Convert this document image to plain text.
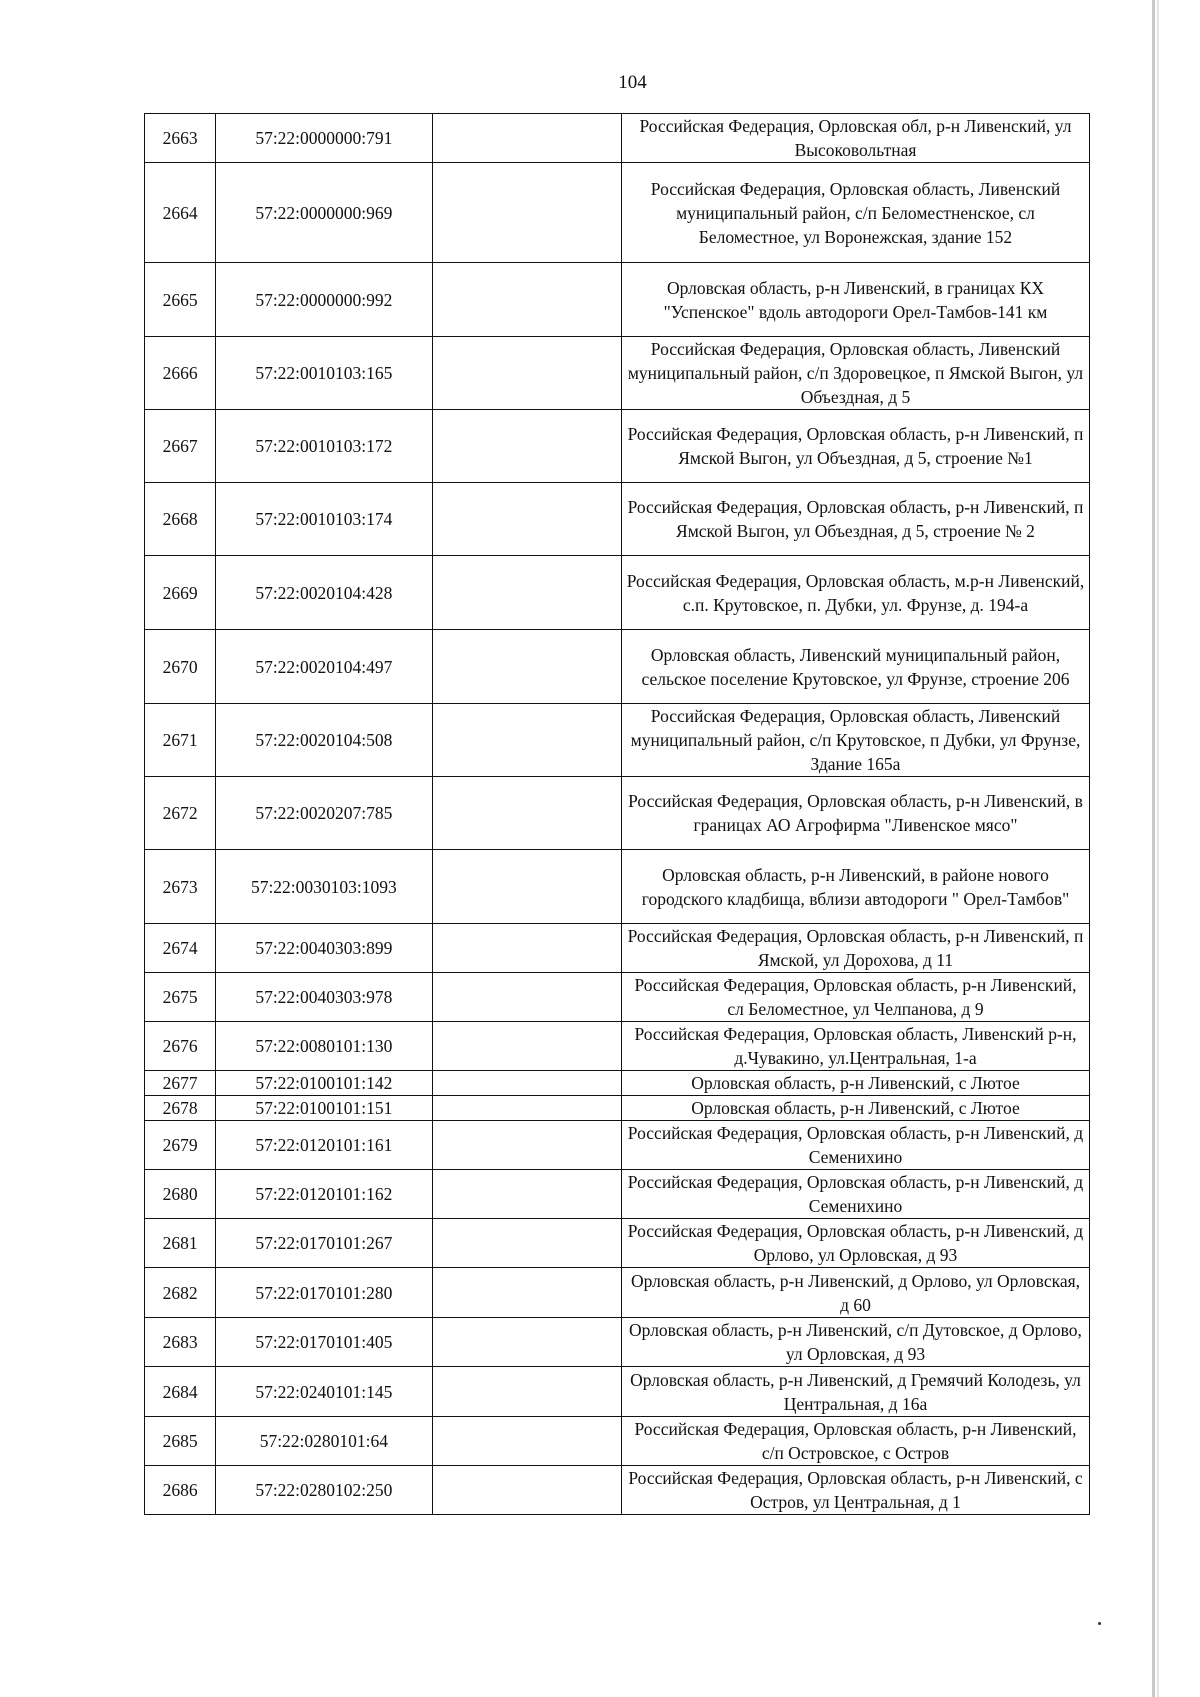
104
2663	57:22:0000000:791		Российская Федерация, Орловская обл, р-н Ливенский, ул Высоковольтная
2664	57:22:0000000:969		Российская Федерация, Орловская область, Ливенский муниципальный район, с/п Беломестненское, сл Беломестное, ул Воронежская, здание 152
2665	57:22:0000000:992		Орловская область, р-н Ливенский, в границах КХ "Успенское" вдоль автодороги Орел-Тамбов-141 км
2666	57:22:0010103:165		Российская Федерация, Орловская область, Ливенский муниципальный район, с/п Здоровецкое, п Ямской Выгон, ул Объездная, д 5
2667	57:22:0010103:172		Российская Федерация, Орловская область, р-н Ливенский, п Ямской Выгон, ул Объездная, д 5, строение №1
2668	57:22:0010103:174		Российская Федерация, Орловская область, р-н Ливенский, п Ямской Выгон, ул Объездная, д 5, строение № 2
2669	57:22:0020104:428		Российская Федерация, Орловская область, м.р-н Ливенский, с.п. Крутовское, п. Дубки, ул. Фрунзе, д. 194-а
2670	57:22:0020104:497		Орловская область, Ливенский муниципальный район, сельское поселение Крутовское, ул Фрунзе, строение 206
2671	57:22:0020104:508		Российская Федерация, Орловская область, Ливенский муниципальный район, с/п Крутовское, п Дубки, ул Фрунзе, Здание 165а
2672	57:22:0020207:785		Российская Федерация, Орловская область, р-н Ливенский, в границах АО Агрофирма "Ливенское мясо"
2673	57:22:0030103:1093		Орловская область, р-н Ливенский, в районе нового городского кладбища, вблизи автодороги " Орел-Тамбов"
2674	57:22:0040303:899		Российская Федерация, Орловская область, р-н Ливенский, п Ямской, ул Дорохова, д 11
2675	57:22:0040303:978		Российская Федерация, Орловская область, р-н Ливенский, сл Беломестное, ул Челпанова, д 9
2676	57:22:0080101:130		Российская Федерация, Орловская область, Ливенский р-н, д.Чувакино, ул.Центральная, 1-а
2677	57:22:0100101:142		Орловская область, р-н Ливенский, с Лютое
2678	57:22:0100101:151		Орловская область, р-н Ливенский, с Лютое
2679	57:22:0120101:161		Российская Федерация, Орловская область, р-н Ливенский, д Семенихино
2680	57:22:0120101:162		Российская Федерация, Орловская область, р-н Ливенский, д Семенихино
2681	57:22:0170101:267		Российская Федерация, Орловская область, р-н Ливенский, д Орлово, ул Орловская, д 93
2682	57:22:0170101:280		Орловская область, р-н Ливенский, д Орлово, ул Орловская, д 60
2683	57:22:0170101:405		Орловская область, р-н Ливенский, с/п Дутовское, д Орлово, ул Орловская, д 93
2684	57:22:0240101:145		Орловская область, р-н Ливенский, д Гремячий Колодезь, ул Центральная, д 16а
2685	57:22:0280101:64		Российская Федерация, Орловская область, р-н Ливенский, с/п Островское, с Остров
2686	57:22:0280102:250		Российская Федерация, Орловская область, р-н Ливенский, с Остров, ул Центральная, д 1
